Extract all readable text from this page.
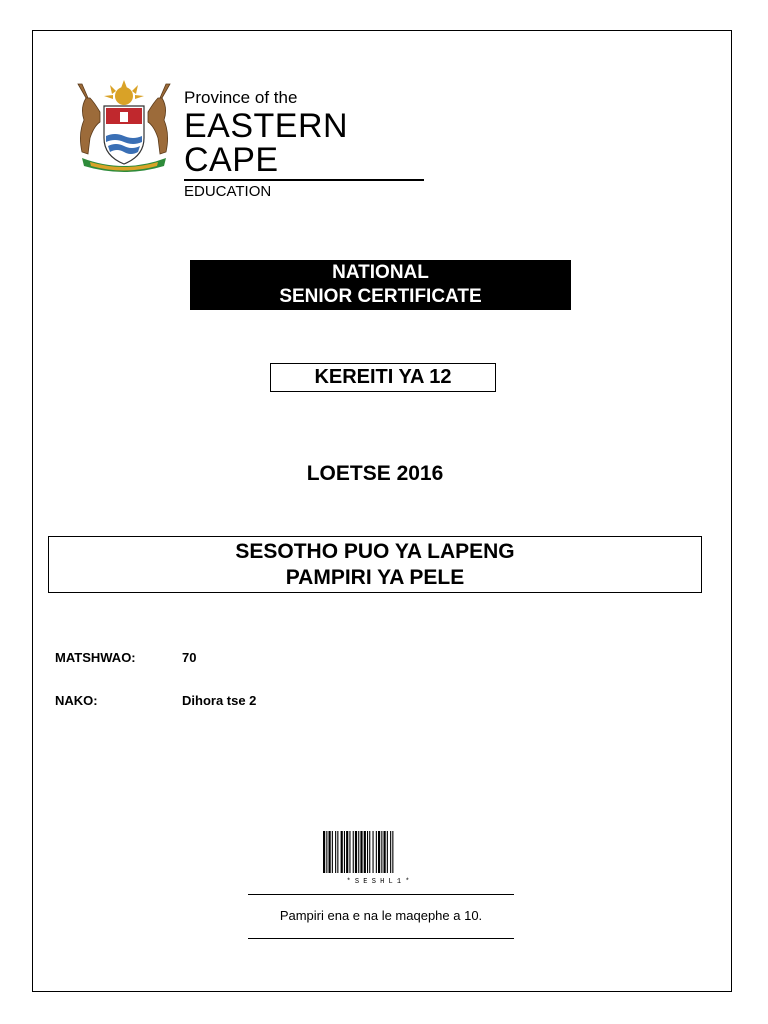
Province of the
EASTERN CAPE
EDUCATION
NATIONAL
SENIOR CERTIFICATE
KEREITI YA 12
LOETSE 2016
SESOTHO PUO YA LAPENG
PAMPIRI YA PELE
MATSHWAO:	70
NAKO:	Dihora tse 2
* S E S H L 1 *
Pampiri ena e na le maqephe a 10.
